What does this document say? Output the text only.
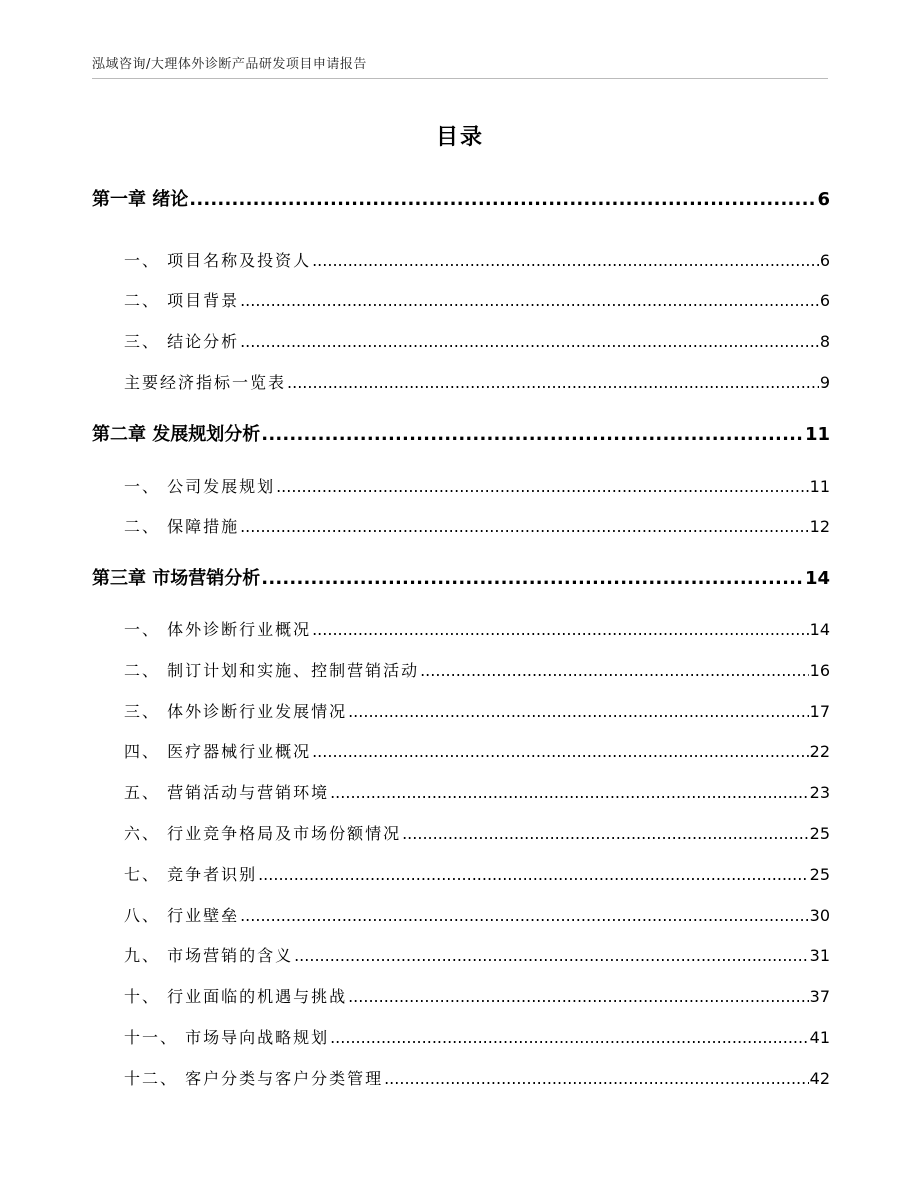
泓域咨询/大理体外诊断产品研发项目申请报告
目录
第一章 绪论 .....	6
一、 项目名称及投资人 .....	6
二、 项目背景 .....	6
三、 结论分析 .....	8
主要经济指标一览表 .....	9
第二章 发展规划分析 .....	11
一、 公司发展规划 .....	11
二、 保障措施 .....	12
第三章 市场营销分析 .....	14
一、 体外诊断行业概况 .....	14
二、 制订计划和实施、控制营销活动 .....	16
三、 体外诊断行业发展情况 .....	17
四、 医疗器械行业概况 .....	22
五、 营销活动与营销环境 .....	23
六、 行业竞争格局及市场份额情况 .....	25
七、 竞争者识别 .....	25
八、 行业壁垒 .....	30
九、 市场营销的含义 .....	31
十、 行业面临的机遇与挑战 .....	37
十一、 市场导向战略规划 .....	41
十二、 客户分类与客户分类管理 .....	42
